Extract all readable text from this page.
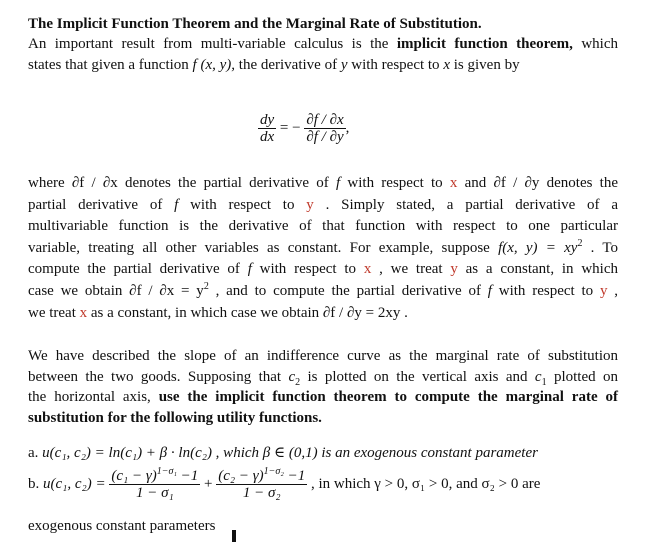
The Implicit Function Theorem and the Marginal Rate of Substitution.
An important result from multi-variable calculus is the implicit function theorem, which
states that given a function f (x, y), the derivative of y with respect to x is given by
$\frac{dy}{dx}$ = − $\frac{\partial f / \partial x}{\partial f / \partial y}$ ,
where ∂f / ∂x denotes the partial derivative of f with respect to x and ∂f / ∂y denotes the
partial derivative of f with respect to y . Simply stated, a partial derivative of a
multivariable function is the derivative of that function with respect to one particular
variable, treating all other variables as constant. For example, suppose f(x, $y) = xy^2$ . To
compute the partial derivative of f with respect to x , we treat y as a constant, in which
case we obtain $\partial f / \partial x = y^2$ , and to compute the partial derivative of f with respect to y ,
we treat x as a constant, in which case we obtain ∂f / ∂y = 2xy .
We have described the slope of an indifference curve as the marginal rate of substitution
between the two goods. Supposing that $c_2$ is plotted on the vertical axis and $c_1$ plotted on
the horizontal axis, use the implicit function theorem to compute the marginal rate of
substitution for the following utility functions.
a. u(c₁, c₂) = ln(c₁) + β · ln(c₂) , which β ∈ (0,1) is an exogenous constant parameter
b. u(c₁, $c_2) = \frac{(c_1 - \gamma)^{1-\sigma_1} -1}{\text{1 − σ₁}} + \frac{(c_2 - \gamma)^{1-\sigma_2} -1}{\text{1 − σ₂}}$ , in which γ > 0, σ₁ > 0, and σ₂ > 0 are
exogenous constant parameters
